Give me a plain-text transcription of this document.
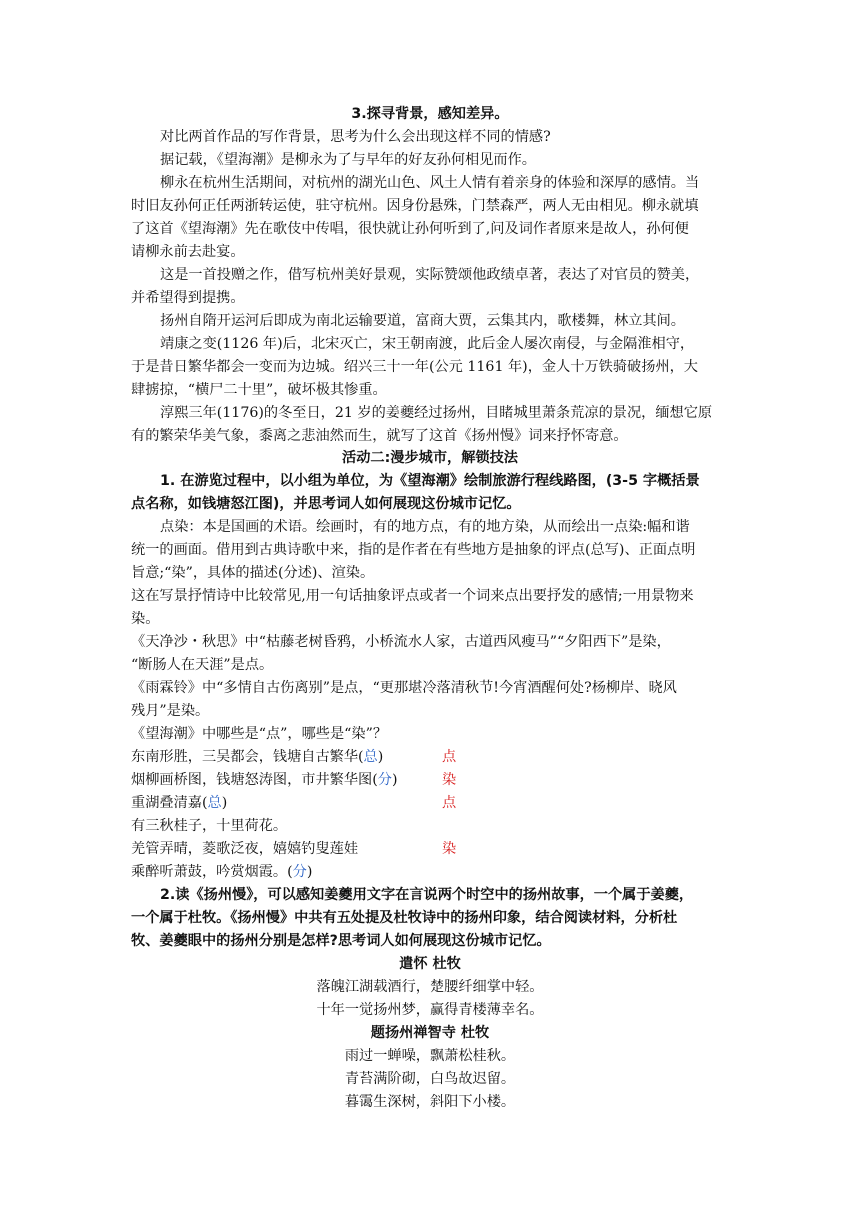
3.探寻背景，感知差异。
对比两首作品的写作背景，思考为什么会出现这样不同的情感?
据记载，《望海潮》是柳永为了与早年的好友孙何相见而作。
柳永在杭州生活期间，对杭州的湖光山色、风土人情有着亲身的体验和深厚的感情。当
时旧友孙何正任两浙转运使，驻守杭州。因身份悬殊，门禁森严，两人无由相见。柳永就填
了这首《望海潮》先在歌伎中传唱，很快就让孙何听到了,问及词作者原来是故人，孙何便
请柳永前去赴宴。
这是一首投赠之作，借写杭州美好景观，实际赞颂他政绩卓著，表达了对官员的赞美，
并希望得到提携。
扬州自隋开运河后即成为南北运输要道，富商大贾，云集其内，歌楼舞，林立其间。
靖康之变(1126 年)后，北宋灭亡，宋王朝南渡，此后金人屡次南侵，与金隔淮相守，
于是昔日繁华都会一变而为边城。绍兴三十一年(公元 1161 年)，金人十万铁骑破扬州，大
肆掳掠，“横尸二十里”，破坏极其惨重。
淳熙三年(1176)的冬至日，21 岁的姜夔经过扬州，目睹城里萧条荒凉的景况，缅想它原
有的繁荣华美气象，黍离之悲油然而生，就写了这首《扬州慢》词来抒怀寄意。
活动二:漫步城市，解锁技法
1. 在游览过程中，以小组为单位，为《望海潮》绘制旅游行程线路图，(3-5 字概括景
点名称，如钱塘怒江图)，并思考词人如何展现这份城市记忆。
点染：本是国画的术语。绘画时，有的地方点，有的地方染，从而绘出一点染:幅和谐
统一的画面。借用到古典诗歌中来，指的是作者在有些地方是抽象的评点(总写)、正面点明
旨意;“染”，具体的描述(分述)、渲染。
这在写景抒情诗中比较常见,用一句话抽象评点或者一个词来点出要抒发的感情;一用景物来
染。
《天净沙・秋思》中“枯藤老树昏鸦，小桥流水人家，古道西风瘦马”“夕阳西下”是染，
“断肠人在天涯”是点。
《雨霖铃》中“多情自古伤离别”是点，“更那堪冷落清秋节!今宵酒醒何处?杨柳岸、晓风
残月”是染。
《望海潮》中哪些是“点”，哪些是“染”？
东南形胜，三吴都会，钱塘自古繁华(总)	点
烟柳画桥图，钱塘怒涛图，市井繁华图(分)	染
重湖叠清嘉(总)	点
有三秋桂子，十里荷花。
羌管弄晴，菱歌泛夜，嬉嬉钓叟莲娃	染
乘醉听萧鼓，吟赏烟霞。(分)
2.读《扬州慢》，可以感知姜夔用文字在言说两个时空中的扬州故事，一个属于姜夔，
一个属于杜牧。《扬州慢》中共有五处提及杜牧诗中的扬州印象，结合阅读材料，分析杜
牧、姜夔眼中的扬州分别是怎样?思考词人如何展现这份城市记忆。
遣怀 杜牧
落魄江湖载酒行，楚腰纤细掌中轻。
十年一觉扬州梦，赢得青楼薄幸名。
题扬州禅智寺 杜牧
雨过一蝉噪，飘萧松桂秋。
青苔满阶砌，白鸟故迟留。
暮霭生深树，斜阳下小楼。
